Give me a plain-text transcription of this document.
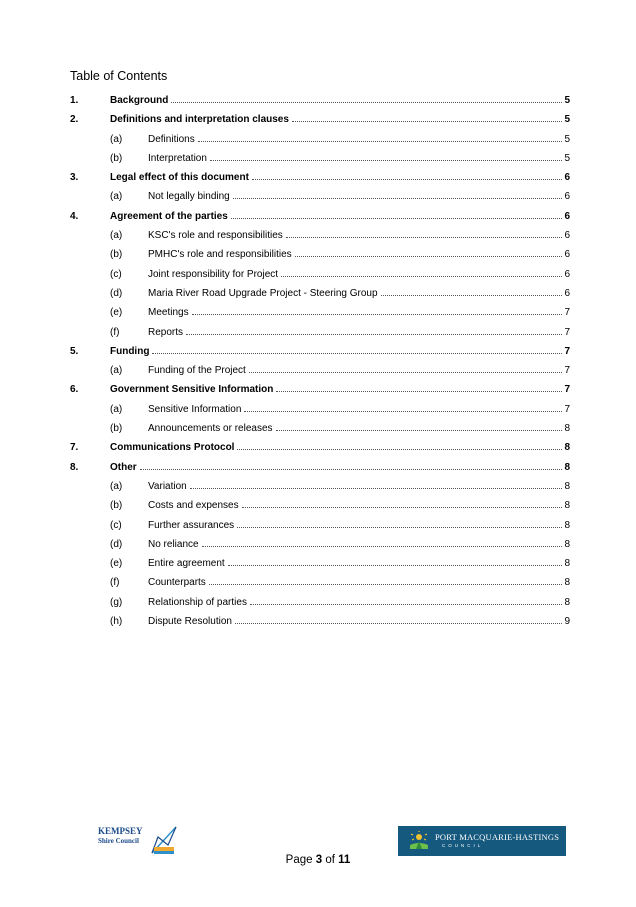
Table of Contents
1.	Background	5
2.	Definitions and interpretation clauses	5
(a)	Definitions	5
(b)	Interpretation	5
3.	Legal effect of this document	6
(a)	Not legally binding	6
4.	Agreement of the parties	6
(a)	KSC's role and responsibilities	6
(b)	PMHC's role and responsibilities	6
(c)	Joint responsibility for Project	6
(d)	Maria River Road Upgrade Project - Steering Group	6
(e)	Meetings	7
(f)	Reports	7
5.	Funding	7
(a)	Funding of the Project	7
6.	Government Sensitive Information	7
(a)	Sensitive Information	7
(b)	Announcements or releases	8
7.	Communications Protocol	8
8.	Other	8
(a)	Variation	8
(b)	Costs and expenses	8
(c)	Further assurances	8
(d)	No reliance	8
(e)	Entire agreement	8
(f)	Counterparts	8
(g)	Relationship of parties	8
(h)	Dispute Resolution	9
KEMPSEY
Shire Council	PORT MACQUARIE-HASTINGS
COUNCIL
Page 3 of 11
